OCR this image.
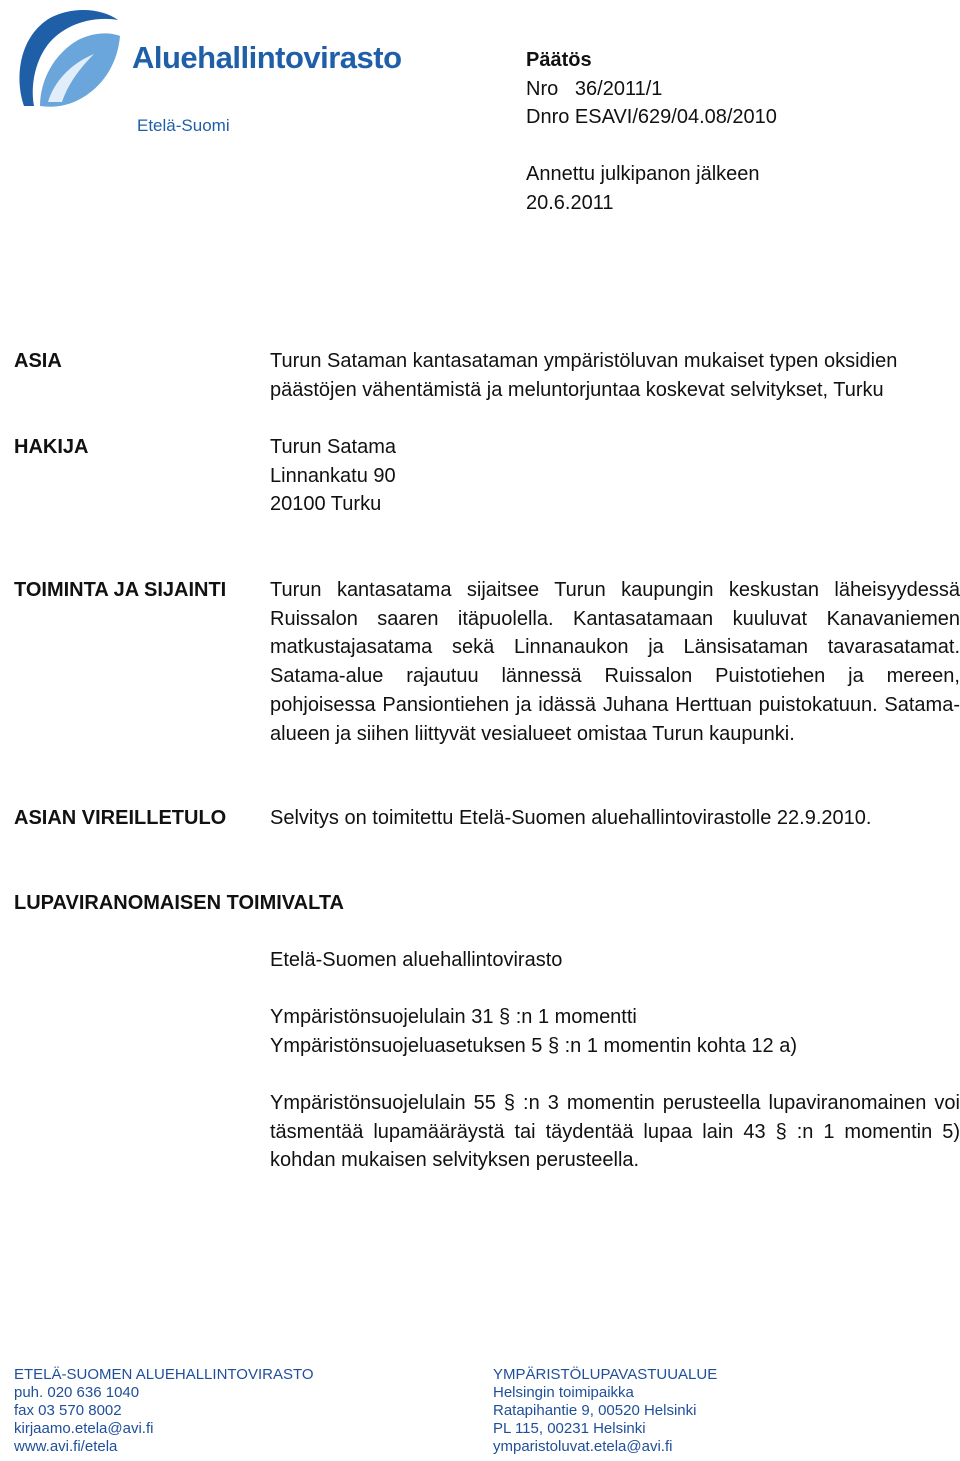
Aluehallintovirasto
Etelä-Suomi
Päätös
Nro   36/2011/1
Dnro ESAVI/629/04.08/2010
Annettu julkipanon jälkeen
20.6.2011
ASIA	Turun Sataman kantasataman ympäristöluvan mukaiset typen oksidien päästöjen vähentämistä ja meluntorjuntaa koskevat selvitykset, Turku

HAKIJA	Turun Satama

Linnankatu 90

20100 Turku

TOIMINTA JA SIJAINTI Turun kantasatama sijaitsee Turun kaupungin keskustan läheisyydessä Ruissalon saaren itäpuolella. Kantasatamaan kuuluvat Kanavaniemen matkustajasatama sekä Linnanaukon ja Länsisataman tavarasatamat. Satama-alue rajautuu lännessä Ruissalon Puistotiehen ja mereen, pohjoisessa Pansiontiehen ja idässä Juhana Herttuan puistokatuun. Satama-alueen ja siihen liittyvät vesialueet omistaa Turun kaupunki.

ASIAN VIREILLETULO Selvitys on toimitettu Etelä-Suomen aluehallintovirastolle 22.9.2010.

LUPAVIRANOMAISEN TOIMIVALTA

Etelä-Suomen aluehallintovirasto

Ympäristönsuojelulain 31 § :n 1 momentti

Ympäristönsuojeluasetuksen 5 § :n 1 momentin kohta 12 a)

Ympäristönsuojelulain 55 § :n 3 momentin perusteella lupaviranomainen voi täsmentää lupamääräystä tai täydentää lupaa lain 43 § :n 1 momentin 5) kohdan mukaisen selvityksen perusteella.

ETELÄ-SUOMEN ALUEHALLINTOVIRASTO
puh. 020 636 1040
fax 03 570 8002
kirjaamo.etela@avi.fi
www.avi.fi/etela
YMPÄRISTÖLUPAVASTUUALUE
Helsingin toimipaikka
Ratapihantie 9, 00520 Helsinki
PL 115, 00231 Helsinki
ymparistoluvat.etela@avi.fi
